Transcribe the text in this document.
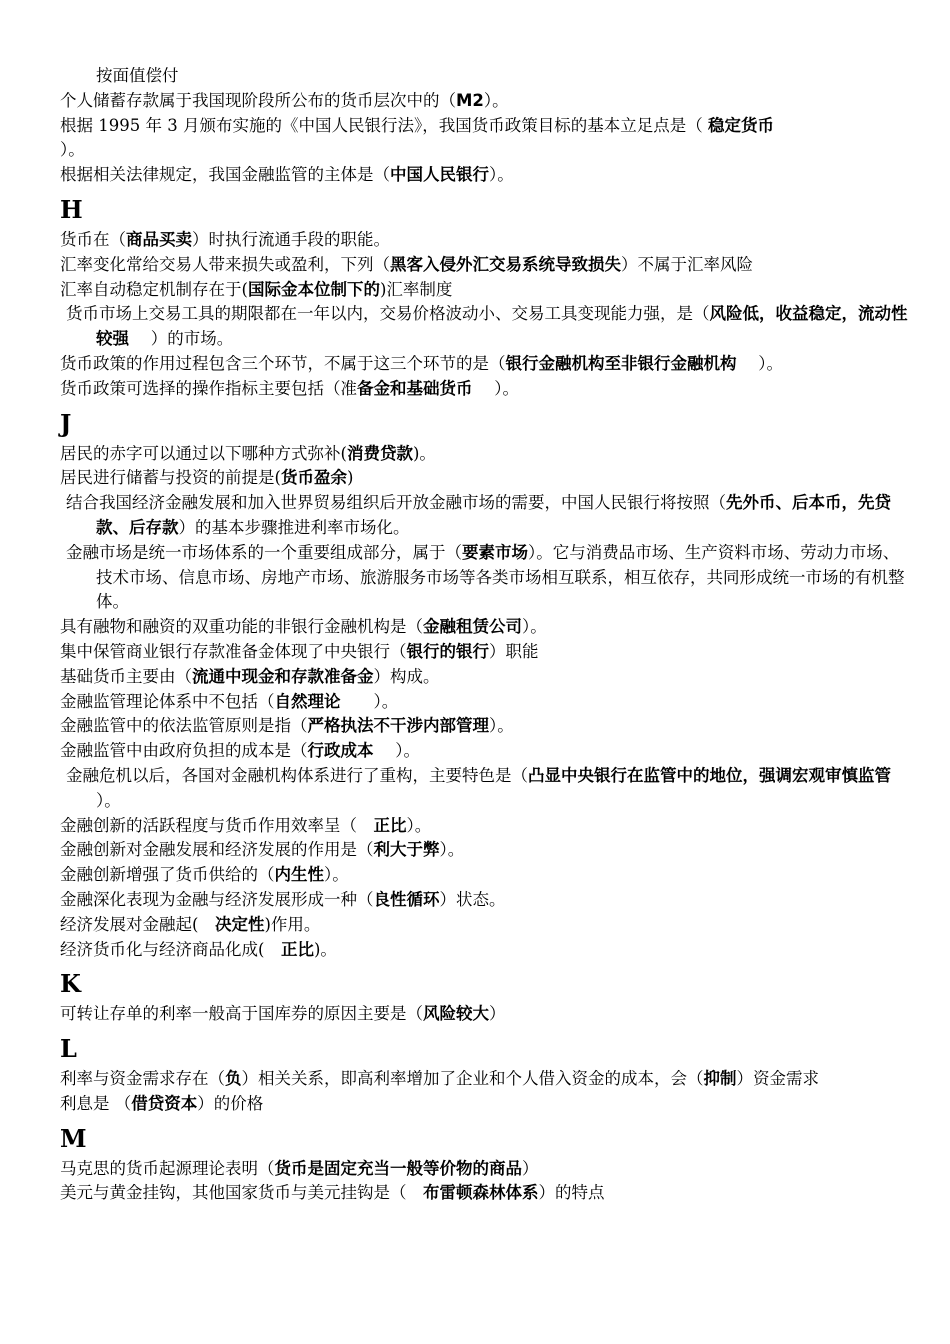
按面值偿付

个人储蓄存款属于我国现阶段所公布的货币层次中的（M2）。

根据 1995 年 3 月颁布实施的《中国人民银行法》，我国货币政策目标的基本立足点是（ 稳定货币

）。

根据相关法律规定，我国金融监管的主体是（中国人民银行）。

H

货币在（商品买卖）时执行流通手段的职能。

汇率变化常给交易人带来损失或盈利，下列（黑客入侵外汇交易系统导致损失）不属于汇率风险

汇率自动稳定机制存在于(国际金本位制下的)汇率制度

货币市场上交易工具的期限都在一年以内，交易价格波动小、交易工具变现能力强，是（风险低，收益稳定，流动性较强　 ）的市场。

货币政策的作用过程包含三个环节，不属于这三个环节的是（银行金融机构至非银行金融机构　 ）。

货币政策可选择的操作指标主要包括（准备金和基础货币　 ）。

J

居民的赤字可以通过以下哪种方式弥补(消费贷款)。

居民进行储蓄与投资的前提是(货币盈余)

结合我国经济金融发展和加入世界贸易组织后开放金融市场的需要，中国人民银行将按照（先外币、后本币，先贷款、后存款）的基本步骤推进利率市场化。

金融市场是统一市场体系的一个重要组成部分，属于（要素市场）。它与消费品市场、生产资料市场、劳动力市场、技术市场、信息市场、房地产市场、旅游服务市场等各类市场相互联系，相互依存，共同形成统一市场的有机整体。

具有融物和融资的双重功能的非银行金融机构是（金融租赁公司）。

集中保管商业银行存款准备金体现了中央银行（银行的银行）职能

基础货币主要由（流通中现金和存款准备金）构成。

金融监管理论体系中不包括（自然理论　　）。

金融监管中的依法监管原则是指（严格执法不干涉内部管理）。

金融监管中由政府负担的成本是（行政成本　 ）。

金融危机以后，各国对金融机构体系进行了重构，主要特色是（凸显中央银行在监管中的地位，强调宏观审慎监管　 ）。

金融创新的活跃程度与货币作用效率呈（　正比）。

金融创新对金融发展和经济发展的作用是（利大于弊）。

金融创新增强了货币供给的（内生性）。

金融深化表现为金融与经济发展形成一种（良性循环）状态。

经济发展对金融起(　决定性)作用。

经济货币化与经济商品化成(　正比)。

K

可转让存单的利率一般高于国库券的原因主要是（风险较大）

L

利率与资金需求存在（负）相关关系，即高利率增加了企业和个人借入资金的成本，会（抑制）资金需求

利息是 （借贷资本）的价格

M

马克思的货币起源理论表明（货币是固定充当一般等价物的商品）

美元与黄金挂钩，其他国家货币与美元挂钩是（　布雷顿森林体系）的特点
